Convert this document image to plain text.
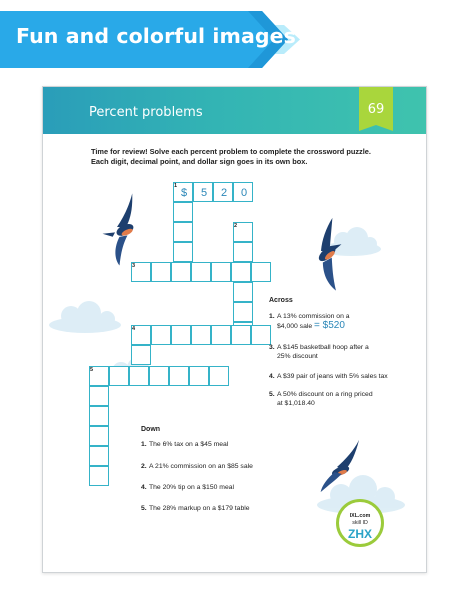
Fun and colorful images
Percent problems	69
Time for review! Solve each percent problem to complete the crossword puzzle.
Each digit, decimal point, and dollar sign goes in its own box.
$	5	2	0
1
2
3
4
5
Across
1. A 13% commission on a
$4,000 sale = $520
3. A $145 basketball hoop after a
25% discount
4. A $39 pair of jeans with 5% sales tax
5. A 50% discount on a ring priced
at $1,018.40
Down
1. The 6% tax on a $45 meal
2. A 21% commission on an $85 sale
4. The 20% tip on a $150 meal
5. The 28% markup on a $179 table
IXL.com
skill ID
ZHX
